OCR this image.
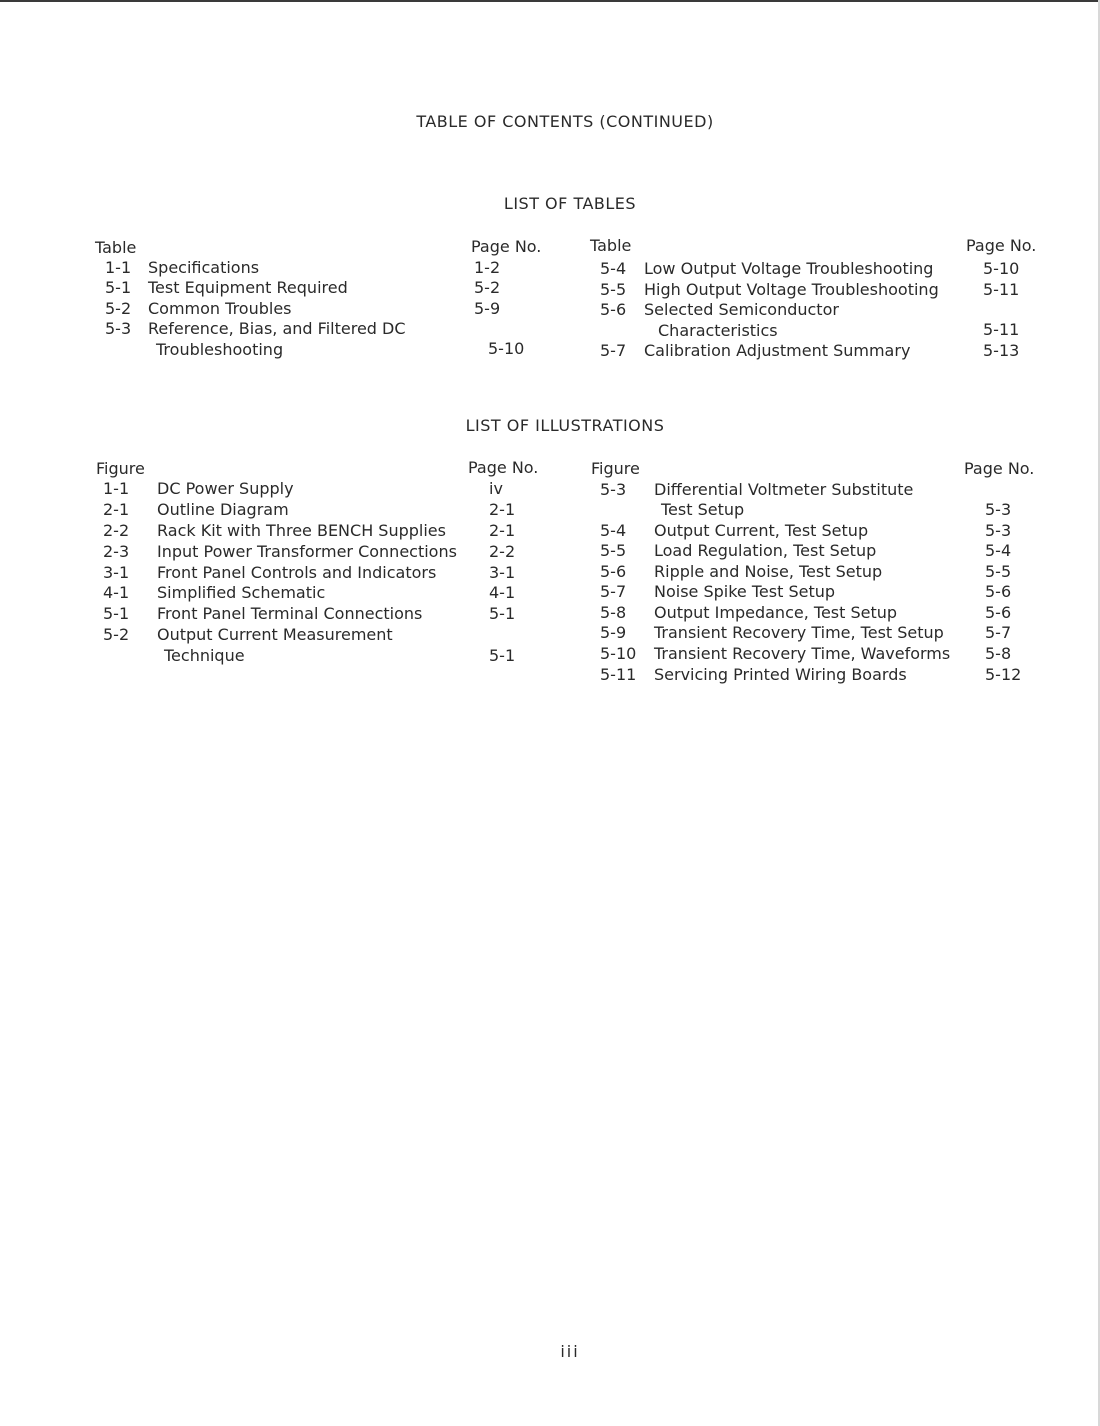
TABLE OF CONTENTS (CONTINUED)
LIST OF TABLES
Table	Page No.	Table	Page No.
1-1 Specifications	1-2
5-1 Test Equipment Required	5-2
5-2 Common Troubles	5-9
5-3 Reference, Bias, and Filtered DC
Troubleshooting	5-10
5-4 Low Output Voltage Troubleshooting	5-10
5-5 High Output Voltage Troubleshooting	5-11
5-6 Selected Semiconductor
Characteristics	5-11
5-7 Calibration Adjustment Summary	5-13
LIST OF ILLUSTRATIONS
Figure	Page No.	Figure	Page No.
1-1 DC Power Supply	iv
2-1 Outline Diagram	2-1
2-2 Rack Kit with Three BENCH Supplies	2-1
2-3 Input Power Transformer Connections 2-2
3-1 Front Panel Controls and Indicators	3-1
4-1 Simplified Schematic	4-1
5-1 Front Panel Terminal Connections	5-1
5-2 Output Current Measurement
Technique	5-1
5-3 Differential Voltmeter Substitute
Test Setup	5-3
5-4 Output Current, Test Setup	5-3
5-5 Load Regulation, Test Setup	5-4
5-6 Ripple and Noise, Test Setup	5-5
5-7 Noise Spike Test Setup	5-6
5-8 Output Impedance, Test Setup	5-6
5-9 Transient Recovery Time, Test Setup	5-7
5-10 Transient Recovery Time, Waveforms 5-8
5-11 Servicing Printed Wiring Boards	5-12
iii
